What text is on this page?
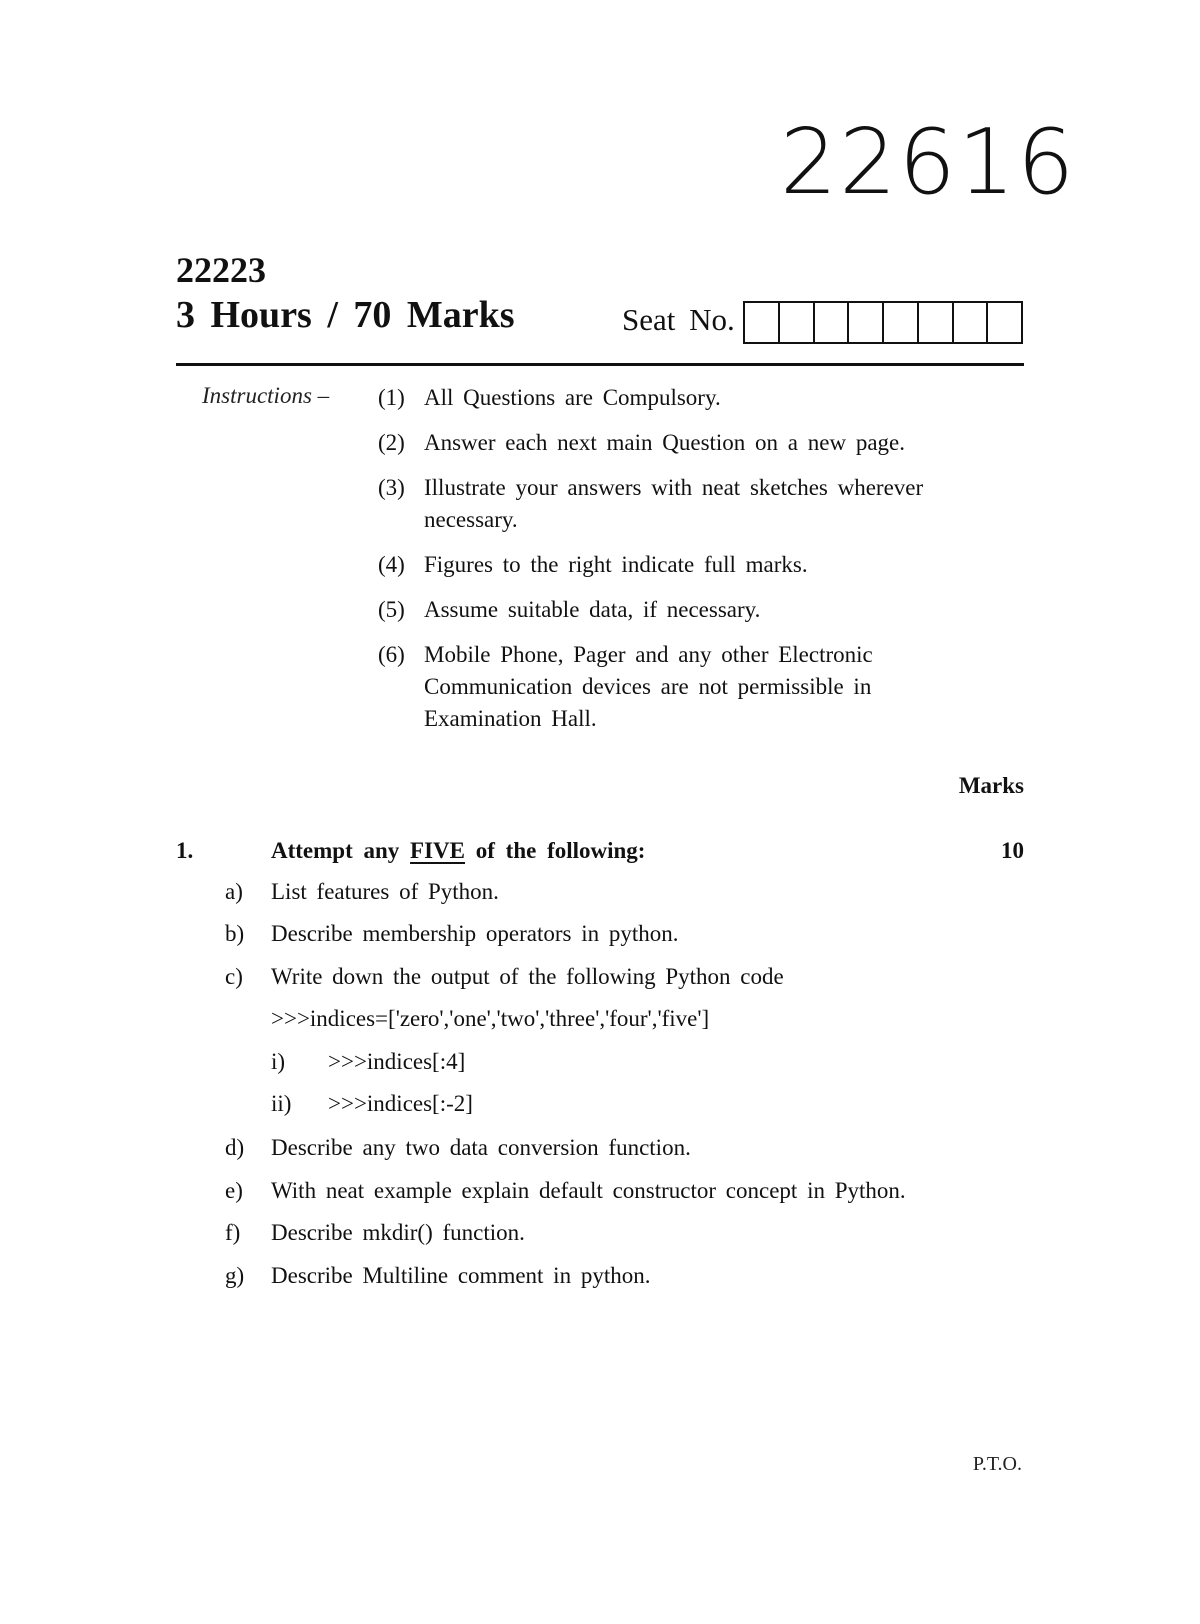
22616
22223
3 Hours / 70 Marks	Seat No.
Instructions – (1) All Questions are Compulsory.
(2) Answer each next main Question on a new page.
(3) Illustrate your answers with neat sketches wherever necessary.
(4) Figures to the right indicate full marks.
(5) Assume suitable data, if necessary.
(6) Mobile Phone, Pager and any other Electronic Communication devices are not permissible in Examination Hall.
Marks
1.	Attempt any FIVE of the following:	10
a) List features of Python.
b) Describe membership operators in python.
c) Write down the output of the following Python code
>>>indices=['zero','one','two','three','four','five']
i) >>>indices[:4]
ii) >>>indices[:-2]
d) Describe any two data conversion function.
e) With neat example explain default constructor concept in Python.
f) Describe mkdir() function.
g) Describe Multiline comment in python.
P.T.O.
